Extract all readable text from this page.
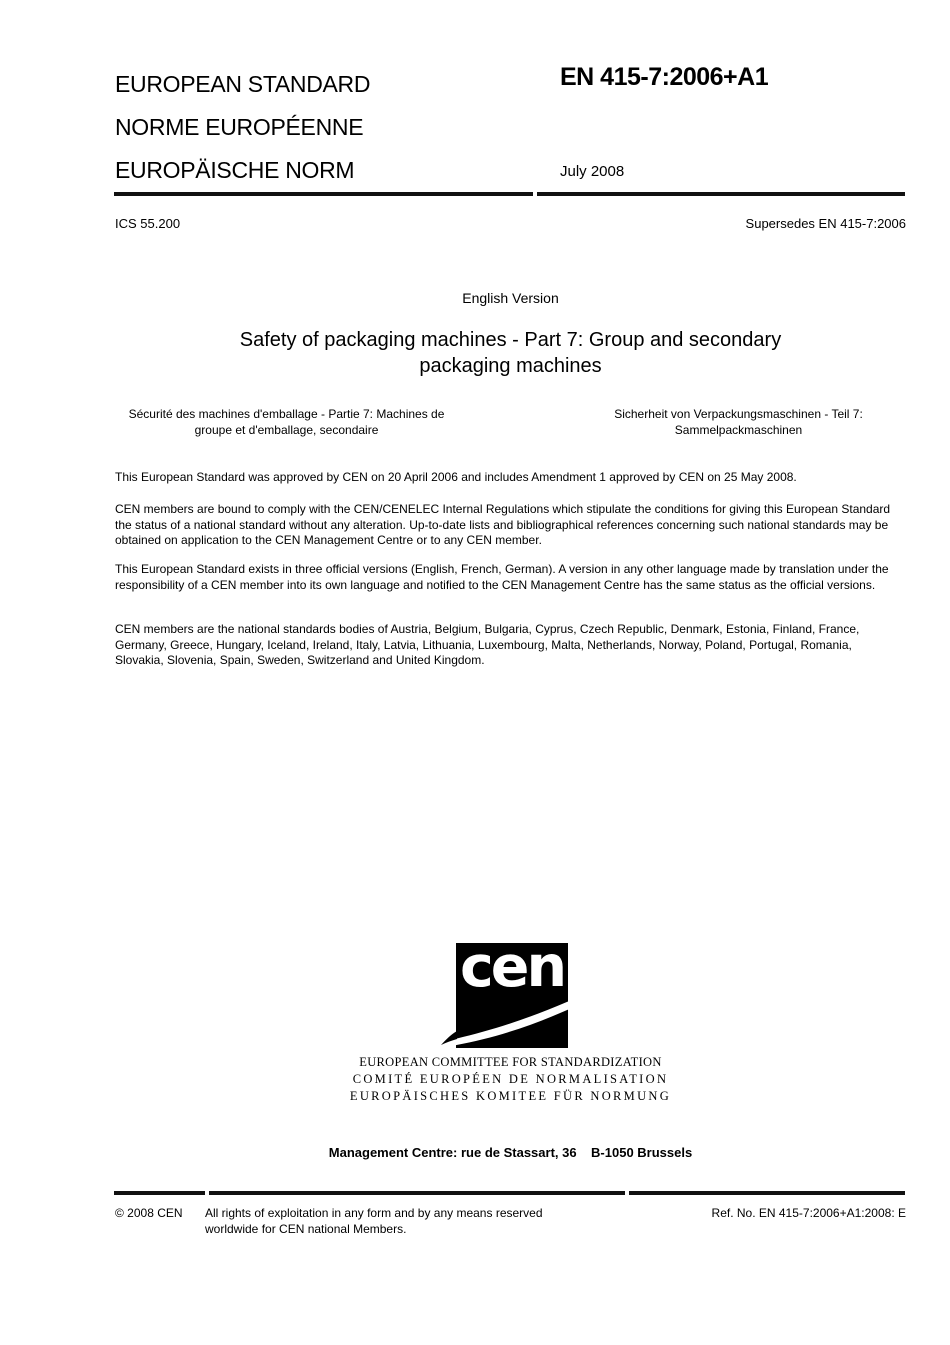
EUROPEAN STANDARD
NORME EUROPÉENNE
EUROPÄISCHE NORM
EN 415-7:2006+A1
July 2008
ICS 55.200	Supersedes EN 415-7:2006
English Version
Safety of packaging machines - Part 7: Group and secondary
packaging machines
Sécurité des machines d'emballage - Partie 7: Machines de
groupe et d'emballage, secondaire
Sicherheit von Verpackungsmaschinen - Teil 7:
Sammelpackmaschinen
This European Standard was approved by CEN on 20 April 2006 and includes Amendment 1 approved by CEN on 25 May 2008.
CEN members are bound to comply with the CEN/CENELEC Internal Regulations which stipulate the conditions for giving this European Standard the status of a national standard without any alteration. Up-to-date lists and bibliographical references concerning such national standards may be obtained on application to the CEN Management Centre or to any CEN member.
This European Standard exists in three official versions (English, French, German). A version in any other language made by translation under the responsibility of a CEN member into its own language and notified to the CEN Management Centre has the same status as the official versions.
CEN members are the national standards bodies of Austria, Belgium, Bulgaria, Cyprus, Czech Republic, Denmark, Estonia, Finland, France, Germany, Greece, Hungary, Iceland, Ireland, Italy, Latvia, Lithuania, Luxembourg, Malta, Netherlands, Norway, Poland, Portugal, Romania, Slovakia, Slovenia, Spain, Sweden, Switzerland and United Kingdom.
cen
EUROPEAN COMMITTEE FOR STANDARDIZATION
COMITÉ EUROPÉEN DE NORMALISATION
EUROPÄISCHES KOMITEE FÜR NORMUNG
Management Centre: rue de Stassart, 36    B-1050 Brussels
© 2008 CEN All rights of exploitation in any form and by any means reserved
worldwide for CEN national Members.
Ref. No. EN 415-7:2006+A1:2008: E
